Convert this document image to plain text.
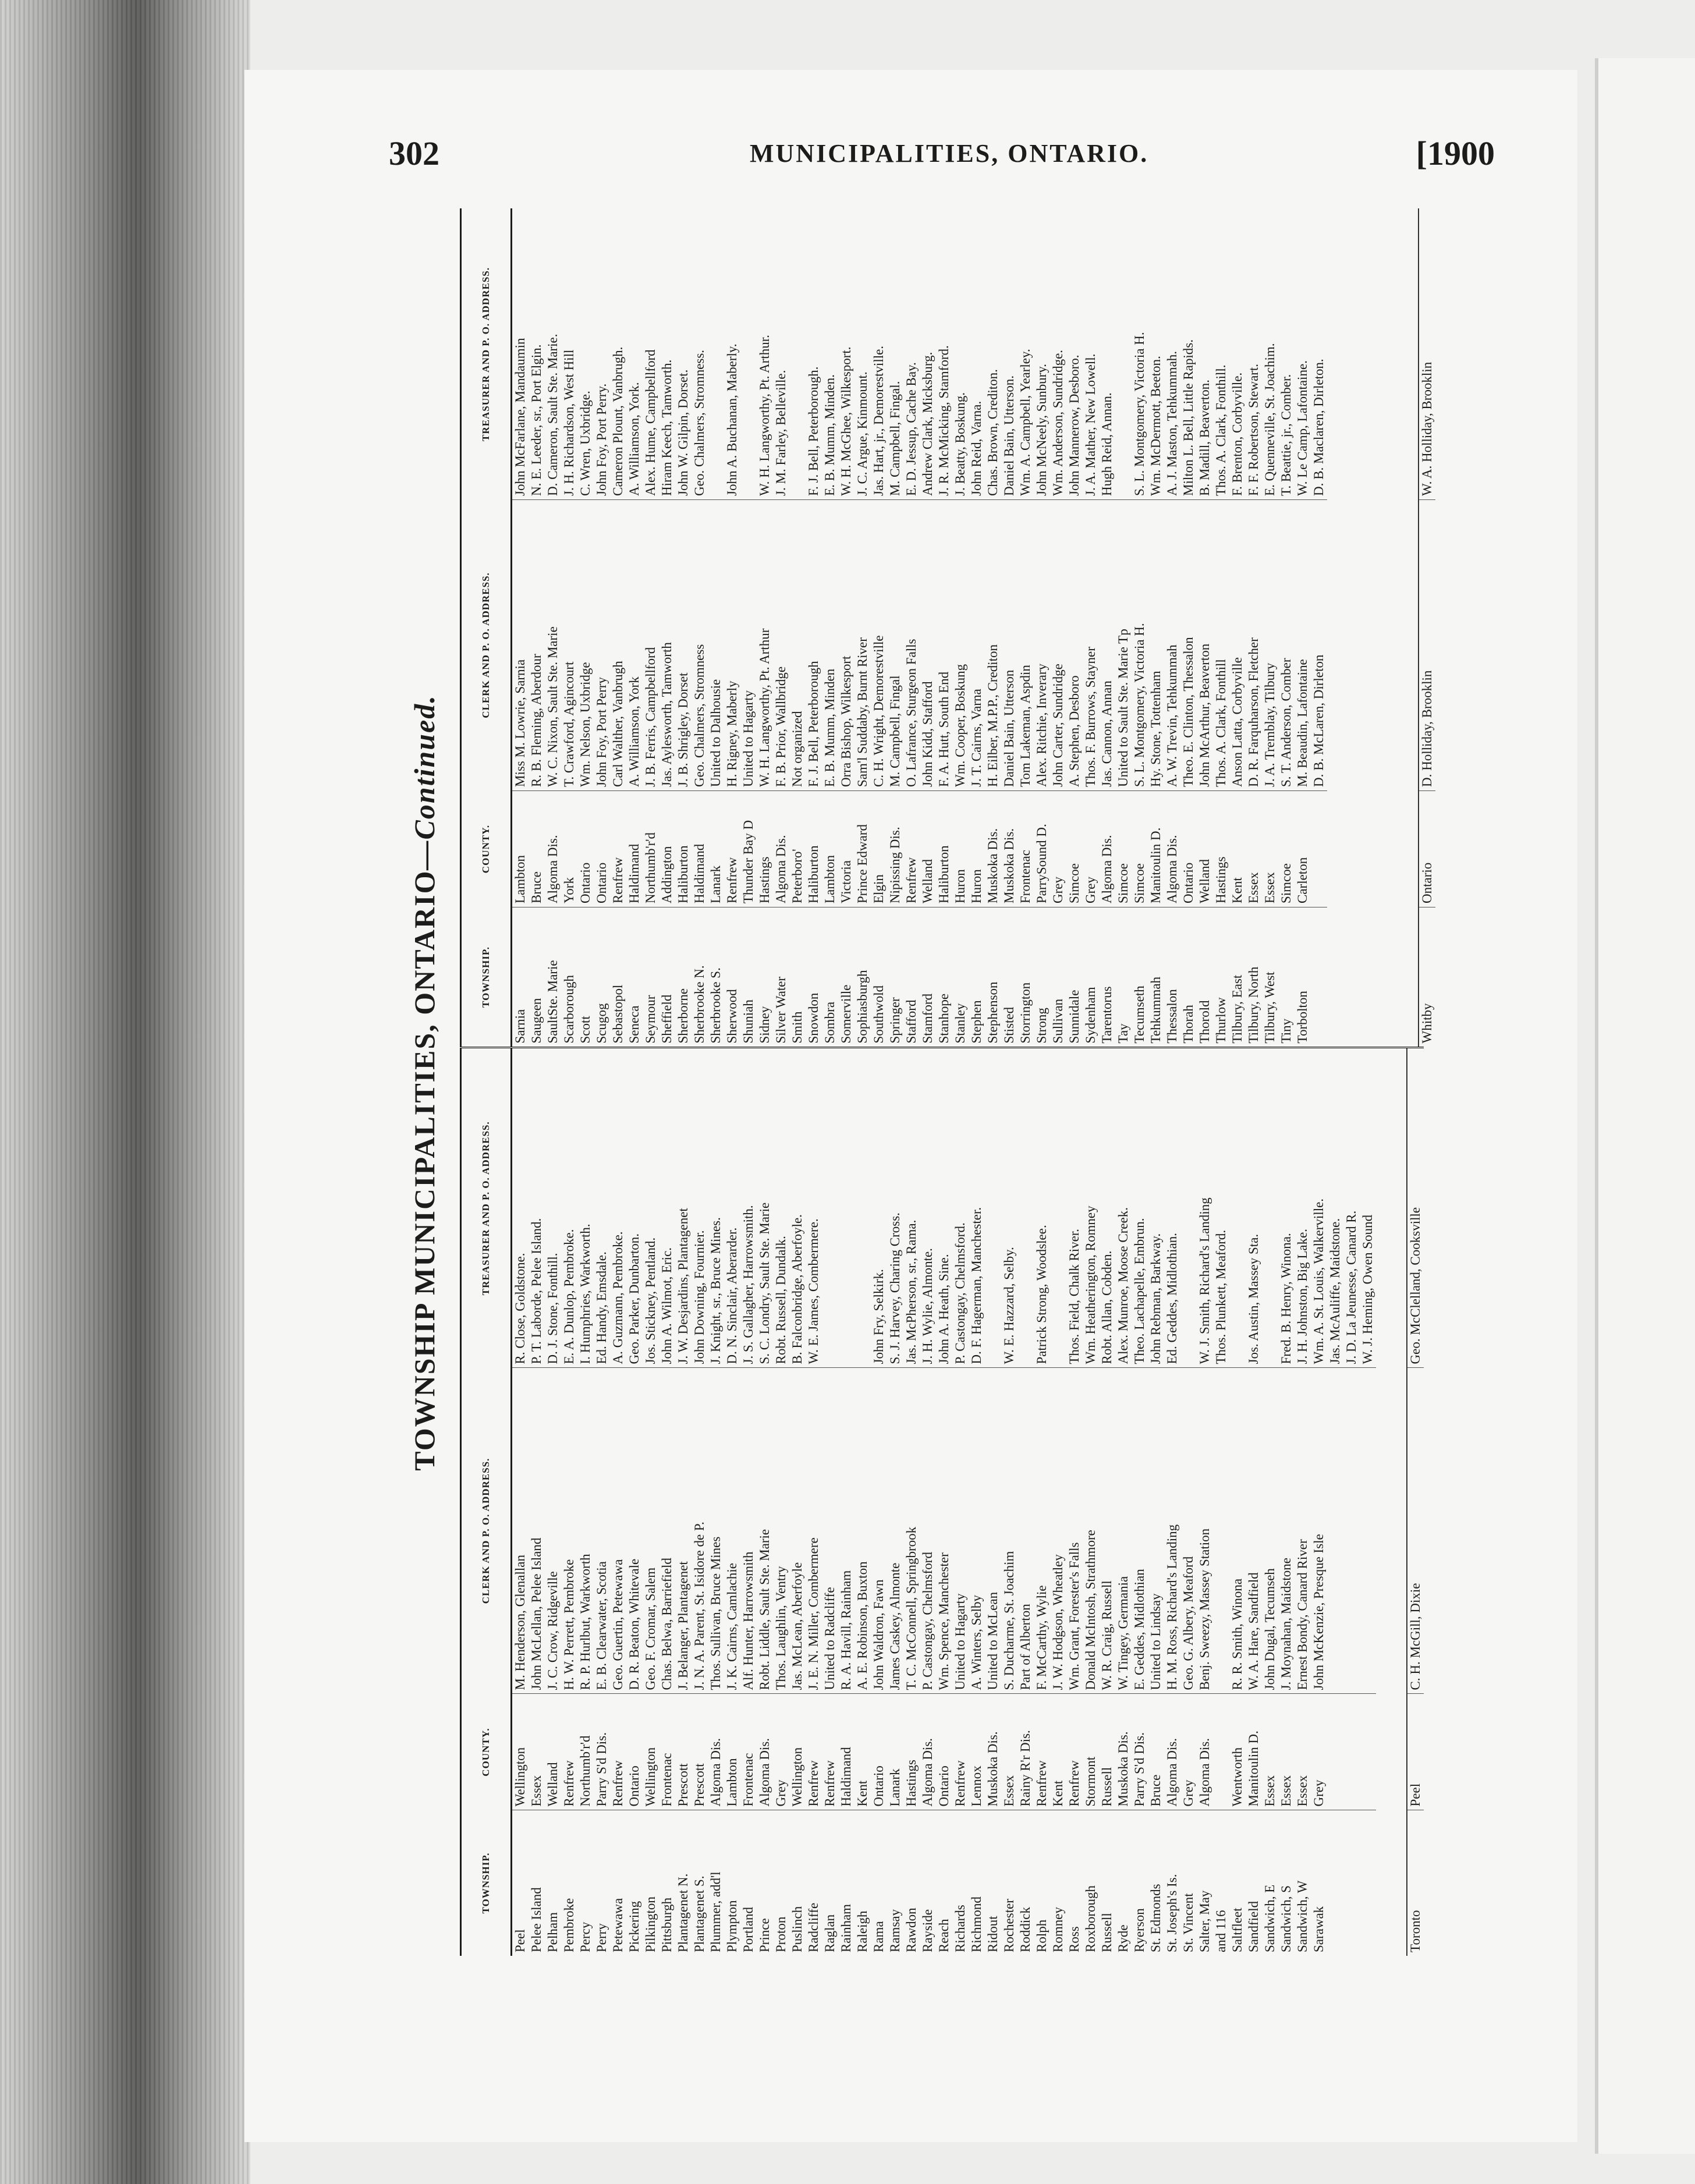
302	MUNICIPALITIES, ONTARIO.	[1900
TOWNSHIP MUNICIPALITIES, ONTARIO—Continued.
TOWNSHIP.	COUNTY.	CLERK AND P. O. ADDRESS.	TREASURER AND P. O. ADDRESS.
Peel	Wellington	M. Henderson, Glenallan	R. Close, Goldstone.
Pelee Island	Essex	John McLellan, Pelee Island	P. T. Laborde, Pelee Island.
Pelham	Welland	J. C. Crow, Ridgeville	D. J. Stone, Fonthill.
Pembroke	Renfrew	H. W. Perrett, Pembroke	E. A. Dunlop, Pembroke.
Percy	Northumb'r'd	R. P. Hurlbut, Warkworth	I. Humphries, Warkworth.
Perry	Parry S'd Dis.	E. B. Clearwater, Scotia	Ed. Handy, Emsdale.
Petewawa	Renfrew	Geo. Guertin, Petewawa	A. Guzmann, Pembroke.
Pickering	Ontario	D. R. Beaton, Whitevale	Geo. Parker, Dunbarton.
Pilkington	Wellington	Geo. F. Cromar, Salem	Jos. Stickney, Pentland.
Pittsburgh	Frontenac	Chas. Belwa, Barriefield	John A. Wilmot, Eric.
Plantagenet N.	Prescott	J. Belanger, Plantagenet	J. W. Desjardins, Plantagenet
Plantagenet S.	Prescott	J. N. A. Parent, St. Isidore de P.	John Downing, Fournier.
Plummer, add'l	Algoma Dis.	Thos. Sullivan, Bruce Mines	J. Knight, sr., Bruce Mines.
Plympton	Lambton	J. K. Cairns, Camlachie	D. N. Sinclair, Aberarder.
Portland	Frontenac	Alf. Hunter, Harrowsmith	J. S. Gallagher, Harrowsmith.
Prince	Algoma Dis.	Robt. Liddle, Sault Ste. Marie	S. C. Londry, Sault Ste. Marie
Proton	Grey	Thos. Laughlin, Ventry	Robt. Russell, Dundalk.
Puslinch	Wellington	Jas. McLean, Aberfoyle	B. Falconbridge, Aberfoyle.
Radcliffe	Renfrew	J. E. N. Miller, Combermere	W. E. James, Combermere.
Raglan	Renfrew	United to Radcliffe	
Rainham	Haldimand	R. A. Havill, Rainham	
Raleigh	Kent	A. E. Robinson, Buxton	
Rama	Ontario	John Waldron, Fawn	John Fry, Selkirk.
Ramsay	Lanark	James Caskey, Almonte	S. J. Harvey, Charing Cross.
Rawdon	Hastings	T. C. McConnell, Springbrook	Jas. McPherson, sr., Rama.
Rayside	Algoma Dis.	P. Castongay, Chelmsford	J. H. Wylie, Almonte.
Reach	Ontario	Wm. Spence, Manchester	John A. Heath, Sine.
Richards	Renfrew	United to Hagarty	P. Castongay, Chelmsford.
Richmond	Lennox	A. Winters, Selby	D. F. Hagerman, Manchester.
Ridout	Muskoka Dis.	United to McLean	
Rochester	Essex	S. Ducharme, St. Joachim	W. E. Hazzard, Selby.
Roddick	Rainy R'r Dis.	Part of Alberton	
Rolph	Renfrew	F. McCarthy, Wylie	Patrick Strong, Woodslee.
Romney	Kent	J. W. Hodgson, Wheatley	
Ross	Renfrew	Wm. Grant, Forester's Falls	Thos. Field, Chalk River.
Roxborough	Stormont	Donald McIntosh, Strathmore	Wm. Heatherington, Romney
Russell	Russell	W. R. Craig, Russell	Robt. Allan, Cobden.
Ryde	Muskoka Dis.	W. Tingey, Germania	Alex. Munroe, Moose Creek.
Ryerson	Parry S'd Dis.	E. Geddes, Midlothian	Theo. Lachapelle, Embrun.
St. Edmonds	Bruce	United to Lindsay	John Rebman, Barkway.
St. Joseph's Is.	Algoma Dis.	H. M. Ross, Richard's Landing	Ed. Geddes, Midlothian.
St. Vincent	Grey	Geo. G. Albery, Meaford	
Salter, May	Algoma Dis.	Benj. Sweezy, Massey Station	W. J. Smith, Richard's Landing
and 116			Thos. Plunkett, Meaford.
Saltfleet	Wentworth	R. R. Smith, Winona	
Sandfield	Manitoulin D.	W. A. Hare, Sandfield	Jos. Austin, Massey Sta.
Sandwich, E	Essex	John Dugal, Tecumseh	
Sandwich, S	Essex	J. Moynahan, Maidstone	Fred. B. Henry, Winona.
Sandwich, W	Essex	Ernest Bondy, Canard River	J. H. Johnston, Big Lake.
Sarawak	Grey	John McKenzie, Presque Isle	Wm. A. St. Louis, Walkerville.
			Jas. McAuliffe, Maidstone.
			J. D. La Jeunesse, Canard R.
			W. J. Heming, Owen Sound

Toronto	Peel	C. H. McGill, Dixie	Geo. McClelland, Cooksville
TOWNSHIP.	COUNTY.	CLERK AND P. O. ADDRESS.	TREASURER AND P. O. ADDRESS.
Sarnia	Lambton	Miss M. Lowrie, Sarnia	John McFarlane, Mandaumin
Saugeen	Bruce	R. B. Fleming, Aberdour	N. E. Leeder, sr., Port Elgin.
SaultSte. Marie	Algoma Dis.	W. C. Nixon, Sault Ste. Marie	D. Cameron, Sault Ste. Marie.
Scarborough	York	T. Crawford, Agincourt	J. H. Richardson, West Hill
Scott	Ontario	Wm. Nelson, Uxbridge	C. Wren, Uxbridge.
Scugog	Ontario	John Foy, Port Perry	John Foy, Port Perry.
Sebastopol	Renfrew	Carl Walther, Vanbrugh	Cameron Plount, Vanbrugh.
Seneca	Haldimand	A. Williamson, York	A. Williamson, York.
Seymour	Northumb'r'd	J. B. Ferris, Campbellford	Alex. Hume, Campbellford
Sheffield	Addington	Jas. Aylesworth, Tamworth	Hiram Keech, Tamworth.
Sherborne	Haliburton	J. B. Shrigley, Dorset	John W. Gilpin, Dorset.
Sherbrooke N.	Haldimand	Geo. Chalmers, Stromness	Geo. Chalmers, Stromness.
Sherbrooke S.	Lanark	United to Dalhousie	
Sherwood	Renfrew	H. Rigney, Maberly	John A. Buchanan, Maberly.
Shuniah	Thunder Bay D	United to Hagarty	
Sidney	Hastings	W. H. Langworthy, Pt. Arthur	W. H. Langworthy, Pt. Arthur.
Silver Water	Algoma Dis.	F. B. Prior, Wallbridge	J. M. Farley, Belleville.
Smith	Peterboro'	Not organized	
Snowdon	Haliburton	F. J. Bell, Peterborough	F. J. Bell, Peterborough.
Sombra	Lambton	E. B. Mumm, Minden	E. B. Mumm, Minden.
Somerville	Victoria	Orra Bishop, Wilkesport	W. H. McGhee, Wilkesport.
Sophiasburgh	Prince Edward	Sam'l Suddaby, Burnt River	J. C. Argue, Kinmount.
Southwold	Elgin	C. H. Wright, Demorestville	Jas. Hart, jr., Demorestville.
Springer	Nipissing Dis.	M. Campbell, Fingal	M. Campbell, Fingal.
Stafford	Renfrew	O. Lafrance, Sturgeon Falls	E. D. Jessup, Cache Bay.
Stamford	Welland	John Kidd, Stafford	Andrew Clark, Micksburg.
Stanhope	Haliburton	F. A. Hutt, South End	J. R. McMicking, Stamford.
Stanley	Huron	Wm. Cooper, Boskung	J. Beatty, Boskung.
Stephen	Huron	J. T. Cairns, Varna	John Reid, Varna.
Stephenson	Muskoka Dis.	H. Eilber, M.P.P., Crediton	Chas. Brown, Crediton.
Stisted	Muskoka Dis.	Daniel Bain, Utterson	Daniel Bain, Utterson.
Storrington	Frontenac	Tom Lakeman, Aspdin	Wm. A. Campbell, Yearley.
Strong	ParrySound D.	Alex. Ritchie, Inverary	John McNeely, Sunbury.
Sullivan	Grey	John Carter, Sundridge	Wm. Anderson, Sundridge.
Sunnidale	Simcoe	A. Stephen, Desboro	John Mannerow, Desboro.
Sydenham	Grey	Thos. F. Burrows, Stayner	J. A. Mather, New Lowell.
Tarentorus	Algoma Dis.	Jas. Cannon, Annan	Hugh Reid, Annan.
Tay	Simcoe	United to Sault Ste. Marie Tp	
Tecumseth	Simcoe	S. L. Montgomery, Victoria H.	S. L. Montgomery, Victoria H.
Tehkummah	Manitoulin D.	Hy. Stone, Tottenham	Wm. McDermott, Beeton.
Thessalon	Algoma Dis.	A. W. Trevin, Tehkummah	A. J. Maston, Tehkummah.
Thorah	Ontario	Theo. E. Clinton, Thessalon	Milton L. Bell, Little Rapids.
Thorold	Welland	John McArthur, Beaverton	B. Madill, Beaverton.
Thurlow	Hastings	Thos. A. Clark, Fonthill	Thos. A. Clark, Fonthill.
Tilbury, East	Kent	Anson Latta, Corbyville	F. Brenton, Corbyville.
Tilbury, North	Essex	D. R. Farquharson, Fletcher	F. F. Robertson, Stewart.
Tilbury, West	Essex	J. A. Tremblay, Tilbury	E. Quenneville, St. Joachim.
Tiny	Simcoe	S. T. Anderson, Comber	T. Beattie, jr., Comber.
Torbolton	Carleton	M. Beaudin, Lafontaine	W. Le Camp, Lafontaine.
		D. B. McLaren, Dirleton	D. B. Maclaren, Dirleton.

Whitby	Ontario	D. Holliday, Brooklin	W. A. Holliday, Brooklin
